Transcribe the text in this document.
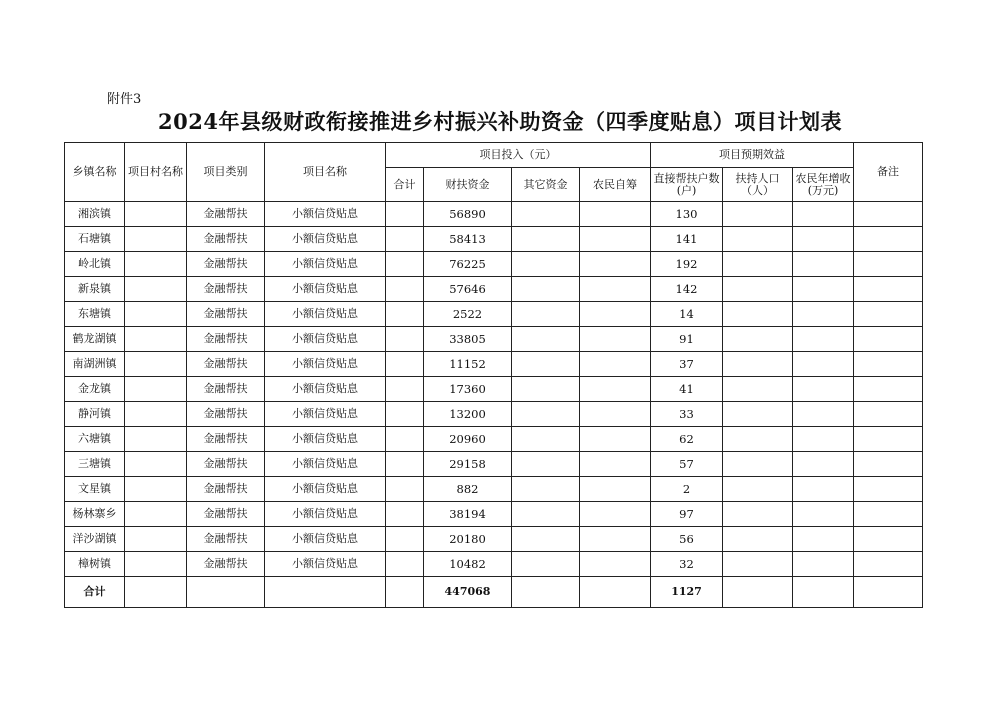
附件3
2024年县级财政衔接推进乡村振兴补助资金（四季度贴息）项目计划表
乡镇名称	项目村名称	项目类别	项目名称	项目投入（元）				项目预期效益			备注
				合计	财扶资金	其它资金	农民自筹	直接帮扶户数(户)	扶持人口（人）	农民年增收(万元)	
湘滨镇		金融帮扶	小额信贷贴息		56890			130			
石塘镇		金融帮扶	小额信贷贴息		58413			141			
岭北镇		金融帮扶	小额信贷贴息		76225			192			
新泉镇		金融帮扶	小额信贷贴息		57646			142			
东塘镇		金融帮扶	小额信贷贴息		2522			14			
鹤龙湖镇		金融帮扶	小额信贷贴息		33805			91			
南湖洲镇		金融帮扶	小额信贷贴息		11152			37			
金龙镇		金融帮扶	小额信贷贴息		17360			41			
静河镇		金融帮扶	小额信贷贴息		13200			33			
六塘镇		金融帮扶	小额信贷贴息		20960			62			
三塘镇		金融帮扶	小额信贷贴息		29158			57			
文星镇		金融帮扶	小额信贷贴息		882			2			
杨林寨乡		金融帮扶	小额信贷贴息		38194			97			
洋沙湖镇		金融帮扶	小额信贷贴息		20180			56			
樟树镇		金融帮扶	小额信贷贴息		10482			32			
合计					447068			1127			
